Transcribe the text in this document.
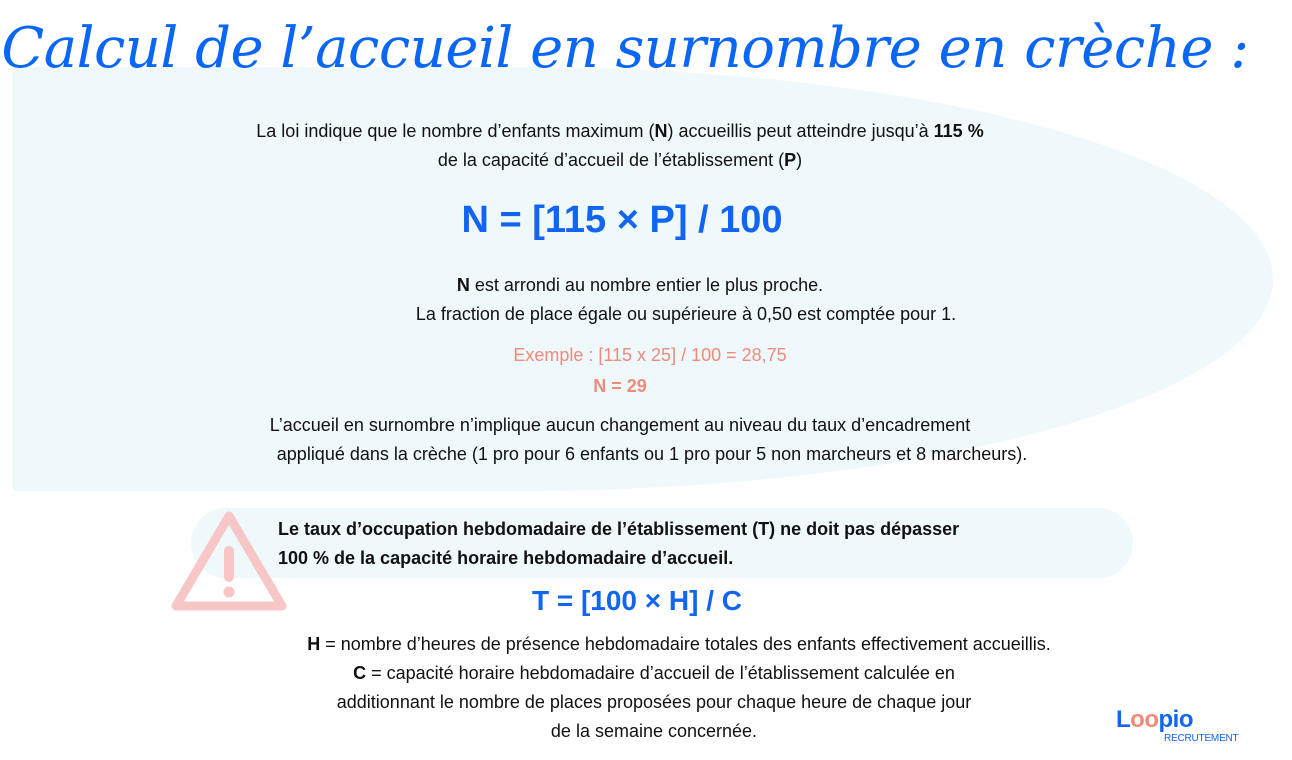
Calcul de l’accueil en surnombre en crèche :
La loi indique que le nombre d’enfants maximum (N) accueillis peut atteindre jusqu’à 115 %
de la capacité d’accueil de l’établissement (P)
N = [115 × P] / 100
N est arrondi au nombre entier le plus proche.
La fraction de place égale ou supérieure à 0,50 est comptée pour 1.
Exemple : [115 x 25] / 100 = 28,75
N = 29
L’accueil en surnombre n’implique aucun changement au niveau du taux d’encadrement
appliqué dans la crèche (1 pro pour 6 enfants ou 1 pro pour 5 non marcheurs et 8 marcheurs).
Le taux d’occupation hebdomadaire de l’établissement (T) ne doit pas dépasser
100 % de la capacité horaire hebdomadaire d’accueil.
T = [100 × H] / C
H = nombre d’heures de présence hebdomadaire totales des enfants effectivement accueillis.
C = capacité horaire hebdomadaire d’accueil de l’établissement calculée en
additionnant le nombre de places proposées pour chaque heure de chaque jour
de la semaine concernée.	Loopio
RECRUTEMENT
